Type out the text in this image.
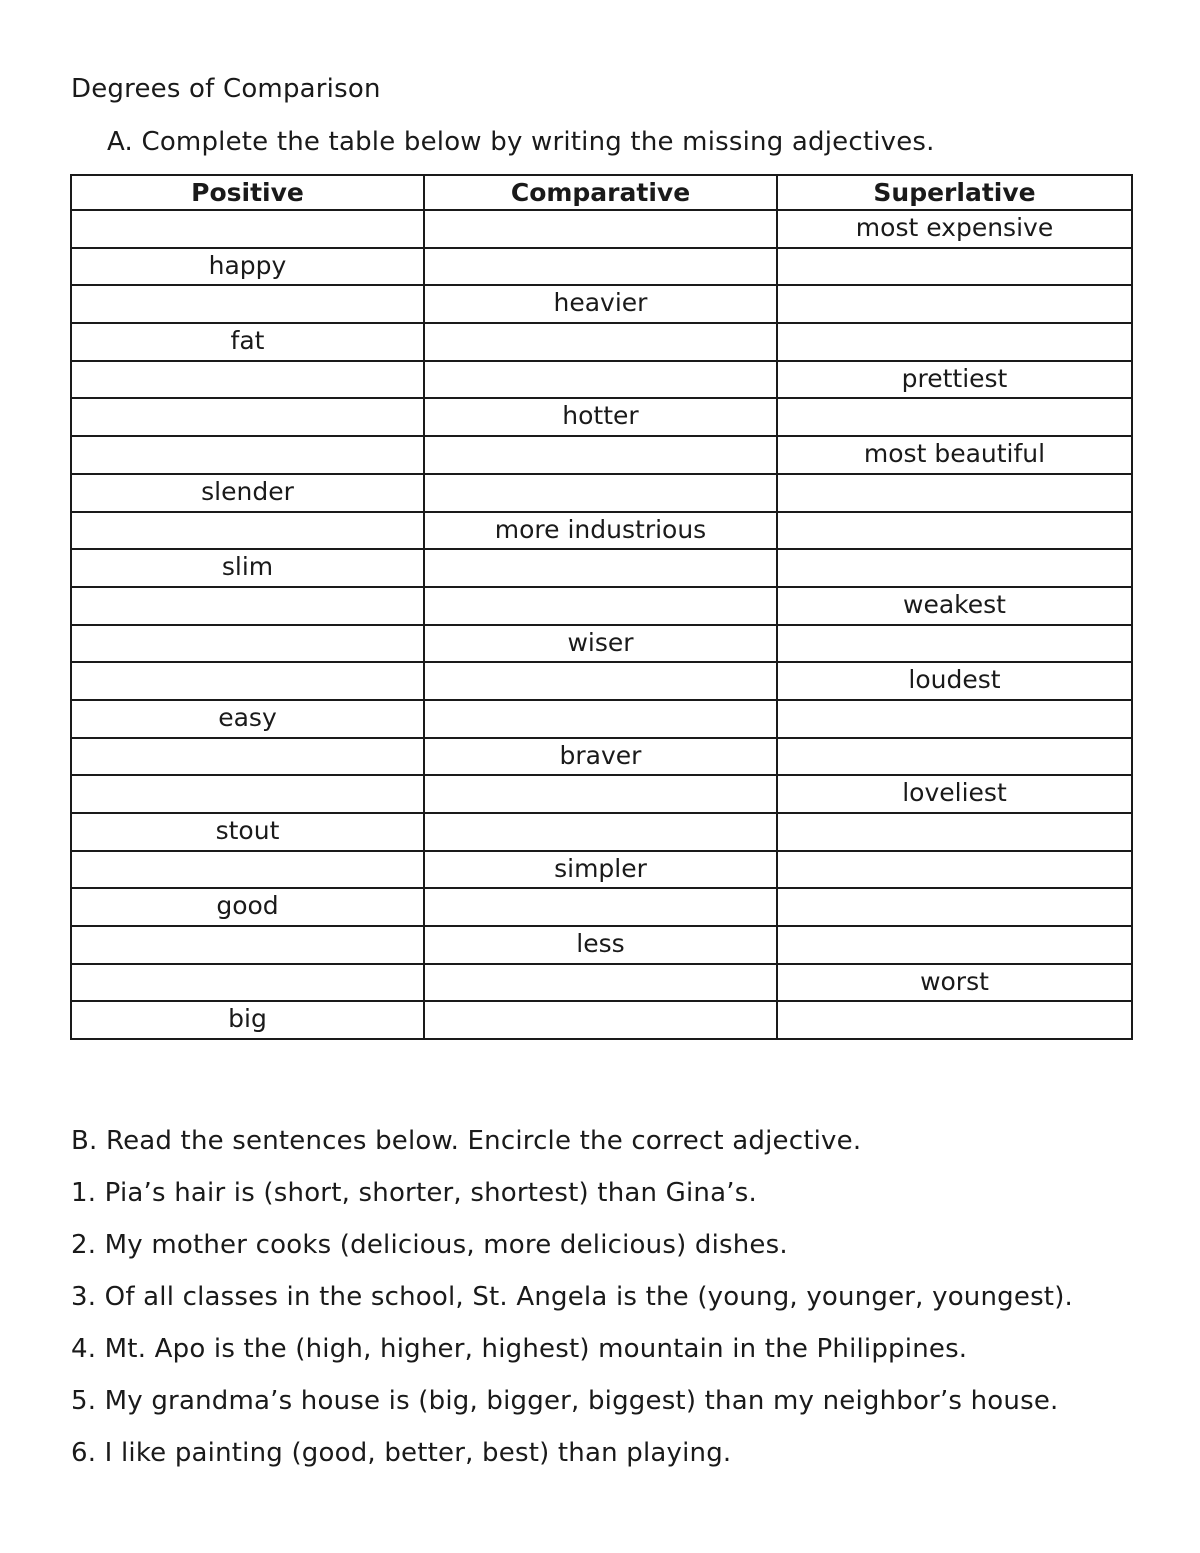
Degrees of Comparison
A. Complete the table below by writing the missing adjectives.
Positive	Comparative	Superlative
		most expensive
happy		
	heavier	
fat		
		prettiest
	hotter	
		most beautiful
slender		
	more industrious	
slim		
		weakest
	wiser	
		loudest
easy		
	braver	
		loveliest
stout		
	simpler	
good		
	less	
		worst
big		
B. Read the sentences below. Encircle the correct adjective.
1. Pia’s hair is (short, shorter, shortest) than Gina’s.
2. My mother cooks (delicious, more delicious) dishes.
3. Of all classes in the school, St. Angela is the (young, younger, youngest).
4. Mt. Apo is the (high, higher, highest) mountain in the Philippines.
5. My grandma’s house is (big, bigger, biggest) than my neighbor’s house.
6. I like painting (good, better, best) than playing.
